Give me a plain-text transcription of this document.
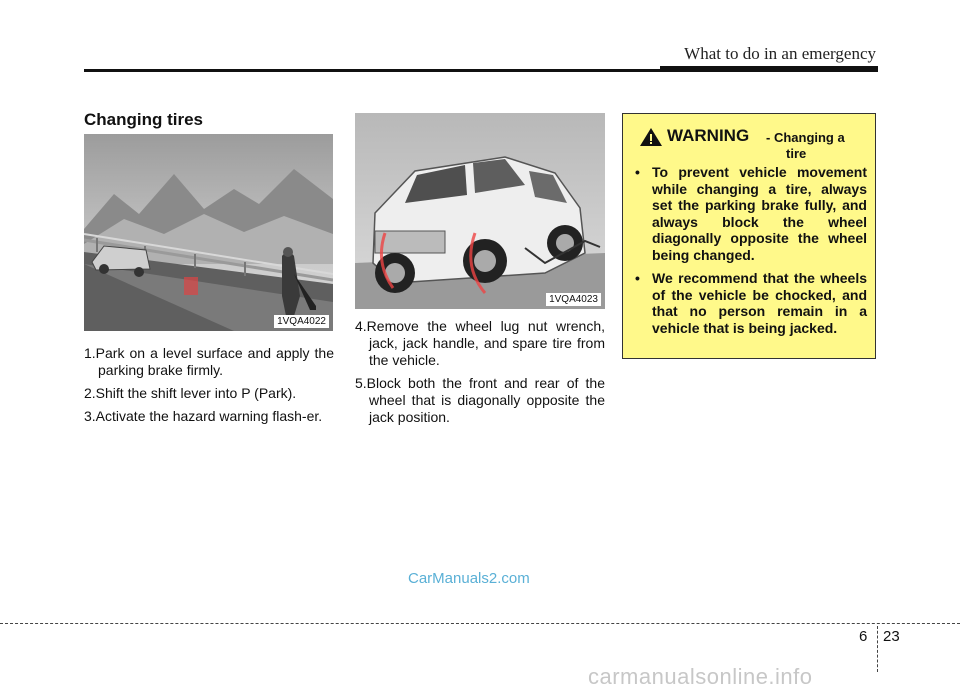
What to do in an emergency
Changing tires
1VQA4022
1VQA4023

1.Park on a level surface and apply the parking brake firmly.

2.Shift the shift lever into P (Park).

3.Activate the hazard warning flash-er.

4.Remove the wheel lug nut wrench, jack, jack handle, and spare tire from the vehicle.

5.Block both the front and rear of the wheel that is diagonally opposite the jack position.

WARNING - Changing a
tire
• To prevent vehicle movement while changing a tire, always set the parking brake fully, and always block the wheel diagonally opposite the wheel being changed.
• We recommend that the wheels of the vehicle be chocked, and that no person remain in a vehicle that is being jacked.
CarManuals2.com
6 23
carmanualsonline.info
